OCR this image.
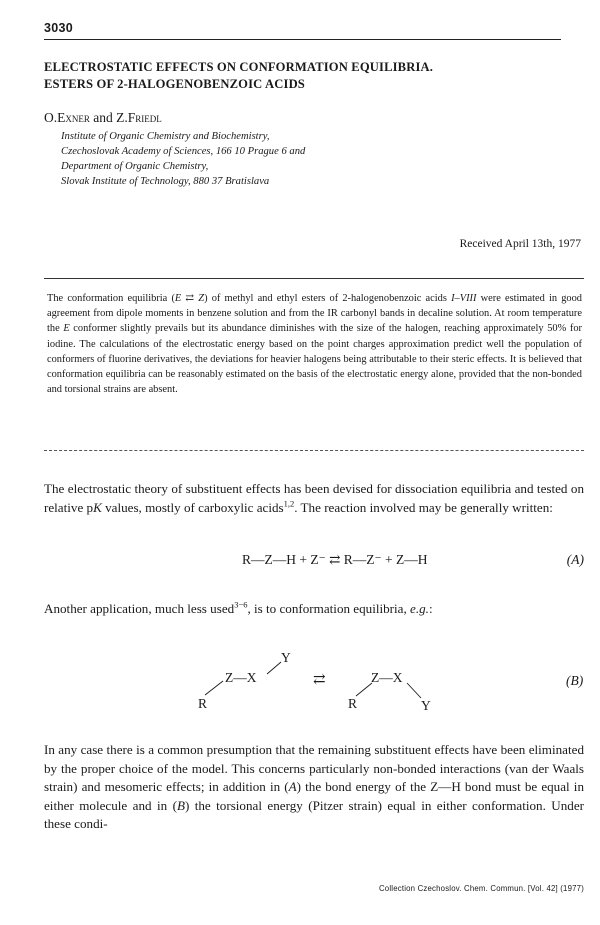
3030
ELECTROSTATIC EFFECTS ON CONFORMATION EQUILIBRIA.
ESTERS OF 2-HALOGENOBENZOIC ACIDS
O.Exner and Z.Friedl
Institute of Organic Chemistry and Biochemistry,
Czechoslovak Academy of Sciences, 166 10 Prague 6 and
Department of Organic Chemistry,
Slovak Institute of Technology, 880 37 Bratislava
Received April 13th, 1977
The conformation equilibria (E ⇄ Z) of methyl and ethyl esters of 2-halogenobenzoic acids I–VIII were estimated in good agreement from dipole moments in benzene solution and from the IR carbonyl bands in decaline solution. At room temperature the E conformer slightly prevails but its abundance diminishes with the size of the halogen, reaching approximately 50% for iodine. The calculations of the electrostatic energy based on the point charges approximation predict well the population of conformers of fluorine derivatives, the deviations for heavier halogens being attributable to their steric effects. It is believed that conformation equilibria can be reasonably estimated on the basis of the electrostatic energy alone, provided that the non-bonded and torsional strains are absent.
The electrostatic theory of substituent effects has been devised for dissociation equilibria and tested on relative pK values, mostly of carboxylic acids$^{1,2}$. The reaction involved may be generally written:
R—Z—H + Z⁻ ⇄ R—Z⁻ + Z—H	(A)
Another application, much less used$^{3-6}$, is to conformation equilibria, e.g.:
R
Z—X
Y
⇄
R
Z—X
Y
(B)
In any case there is a common presumption that the remaining substituent effects have been eliminated by the proper choice of the model. This concerns particularly non-bonded interactions (van der Waals strain) and mesomeric effects; in addition in (A) the bond energy of the Z—H bond must be equal in either molecule and in (B) the torsional energy (Pitzer strain) equal in either conformation. Under these condi-
Collection Czechoslov. Chem. Commun. [Vol. 42] (1977)
